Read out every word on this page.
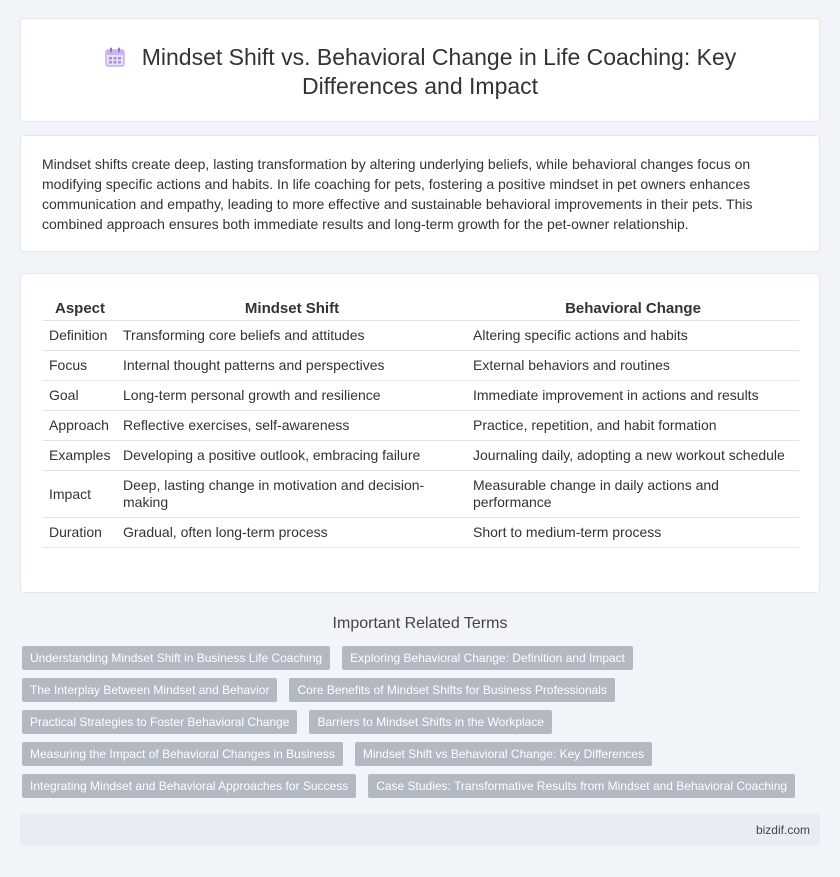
Mindset Shift vs. Behavioral Change in Life Coaching: Key Differences and Impact

Mindset shifts create deep, lasting transformation by altering underlying beliefs, while behavioral changes focus on modifying specific actions and habits. In life coaching for pets, fostering a positive mindset in pet owners enhances communication and empathy, leading to more effective and sustainable behavioral improvements in their pets. This combined approach ensures both immediate results and long-term growth for the pet-owner relationship.

Aspect	Mindset Shift	Behavioral Change
Definition	Transforming core beliefs and attitudes	Altering specific actions and habits
Focus	Internal thought patterns and perspectives	External behaviors and routines
Goal	Long-term personal growth and resilience	Immediate improvement in actions and results
Approach	Reflective exercises, self-awareness	Practice, repetition, and habit formation
Examples	Developing a positive outlook, embracing failure	Journaling daily, adopting a new workout schedule
Impact	Deep, lasting change in motivation and decision-making	Measurable change in daily actions and performance
Duration	Gradual, often long-term process	Short to medium-term process
Important Related Terms
Understanding Mindset Shift in Business Life Coaching Exploring Behavioral Change: Definition and Impact
The Interplay Between Mindset and Behavior Core Benefits of Mindset Shifts for Business Professionals
Practical Strategies to Foster Behavioral Change Barriers to Mindset Shifts in the Workplace
Measuring the Impact of Behavioral Changes in Business Mindset Shift vs Behavioral Change: Key Differences
Integrating Mindset and Behavioral Approaches for Success Case Studies: Transformative Results from Mindset and Behavioral Coaching
bizdif.com
